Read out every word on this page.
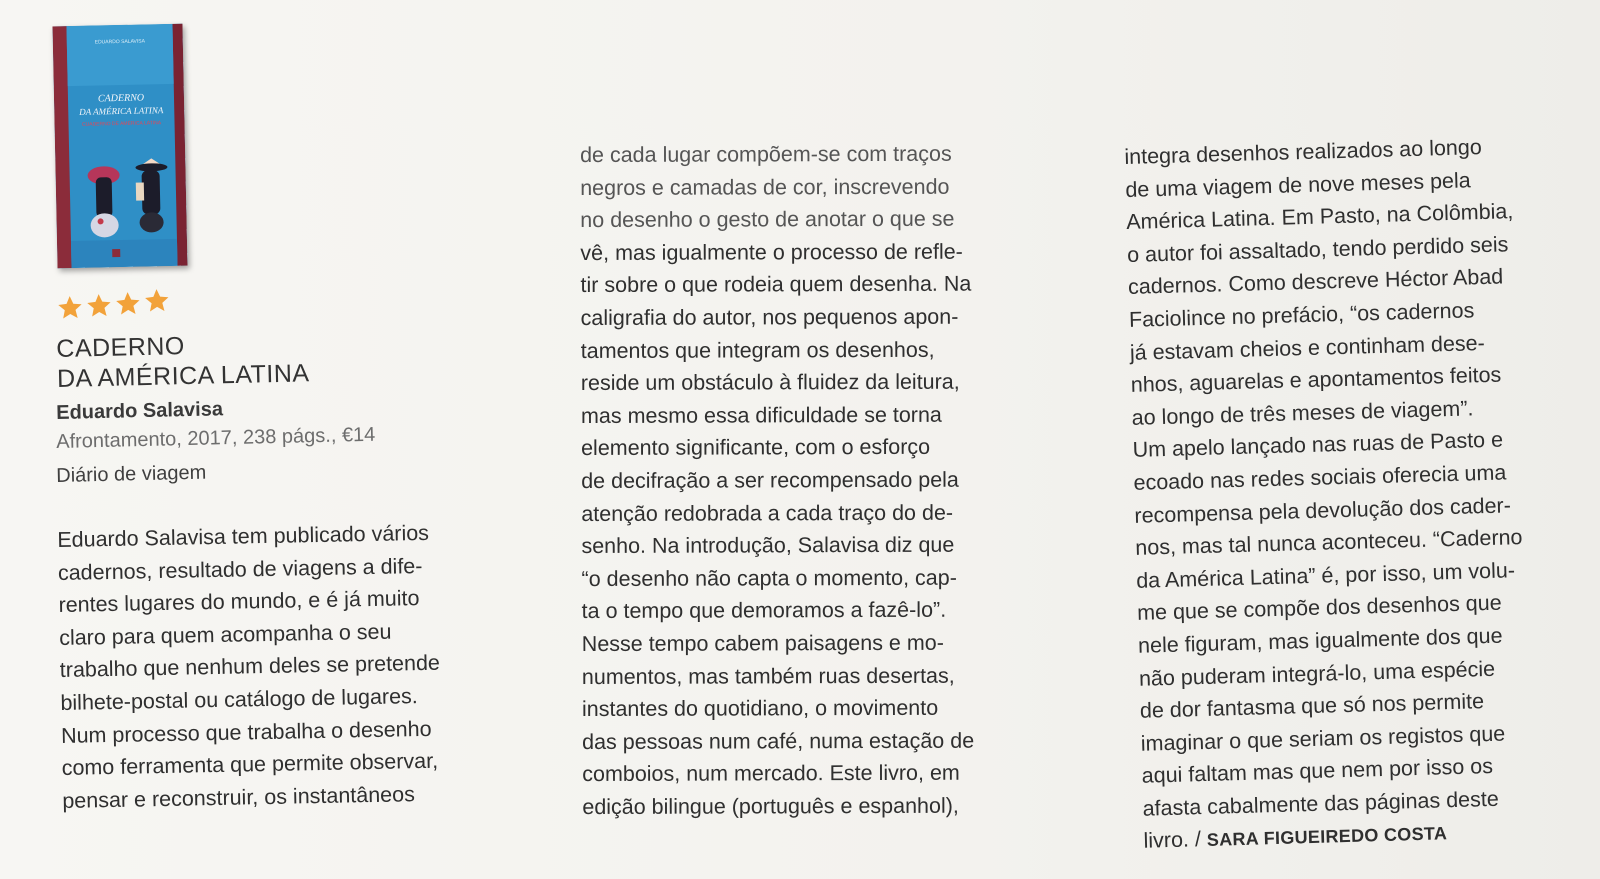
EDUARDO SALAVISA
CADERNO
DA AMÉRICA LATINA
CUADERNO DE AMÉRICA LATINA
CADERNO
DA AMÉRICA LATINA
Eduardo Salavisa
Afrontamento, 2017, 238 págs., €14
Diário de viagem
Eduardo Salavisa tem publicado vários
cadernos, resultado de viagens a dife-
rentes lugares do mundo, e é já muito
claro para quem acompanha o seu
trabalho que nenhum deles se pretende
bilhete-postal ou catálogo de lugares.
Num processo que trabalha o desenho
como ferramenta que permite observar,
pensar e reconstruir, os instantâneos
de cada lugar compõem-se com traços
negros e camadas de cor, inscrevendo
no desenho o gesto de anotar o que se
vê, mas igualmente o processo de refle-
tir sobre o que rodeia quem desenha. Na
caligrafia do autor, nos pequenos apon-
tamentos que integram os desenhos,
reside um obstáculo à fluidez da leitura,
mas mesmo essa dificuldade se torna
elemento significante, com o esforço
de decifração a ser recompensado pela
atenção redobrada a cada traço do de-
senho. Na introdução, Salavisa diz que
“o desenho não capta o momento, cap-
ta o tempo que demoramos a fazê-lo”.
Nesse tempo cabem paisagens e mo-
numentos, mas também ruas desertas,
instantes do quotidiano, o movimento
das pessoas num café, numa estação de
comboios, num mercado. Este livro, em
edição bilingue (português e espanhol),
integra desenhos realizados ao longo
de uma viagem de nove meses pela
América Latina. Em Pasto, na Colômbia,
o autor foi assaltado, tendo perdido seis
cadernos. Como descreve Héctor Abad
Faciolince no prefácio, “os cadernos
já estavam cheios e continham dese-
nhos, aguarelas e apontamentos feitos
ao longo de três meses de viagem”.
Um apelo lançado nas ruas de Pasto e
ecoado nas redes sociais oferecia uma
recompensa pela devolução dos cader-
nos, mas tal nunca aconteceu. “Caderno
da América Latina” é, por isso, um volu-
me que se compõe dos desenhos que
nele figuram, mas igualmente dos que
não puderam integrá-lo, uma espécie
de dor fantasma que só nos permite
imaginar o que seriam os registos que
aqui faltam mas que nem por isso os
afasta cabalmente das páginas deste
livro. / SARA FIGUEIREDO COSTA
